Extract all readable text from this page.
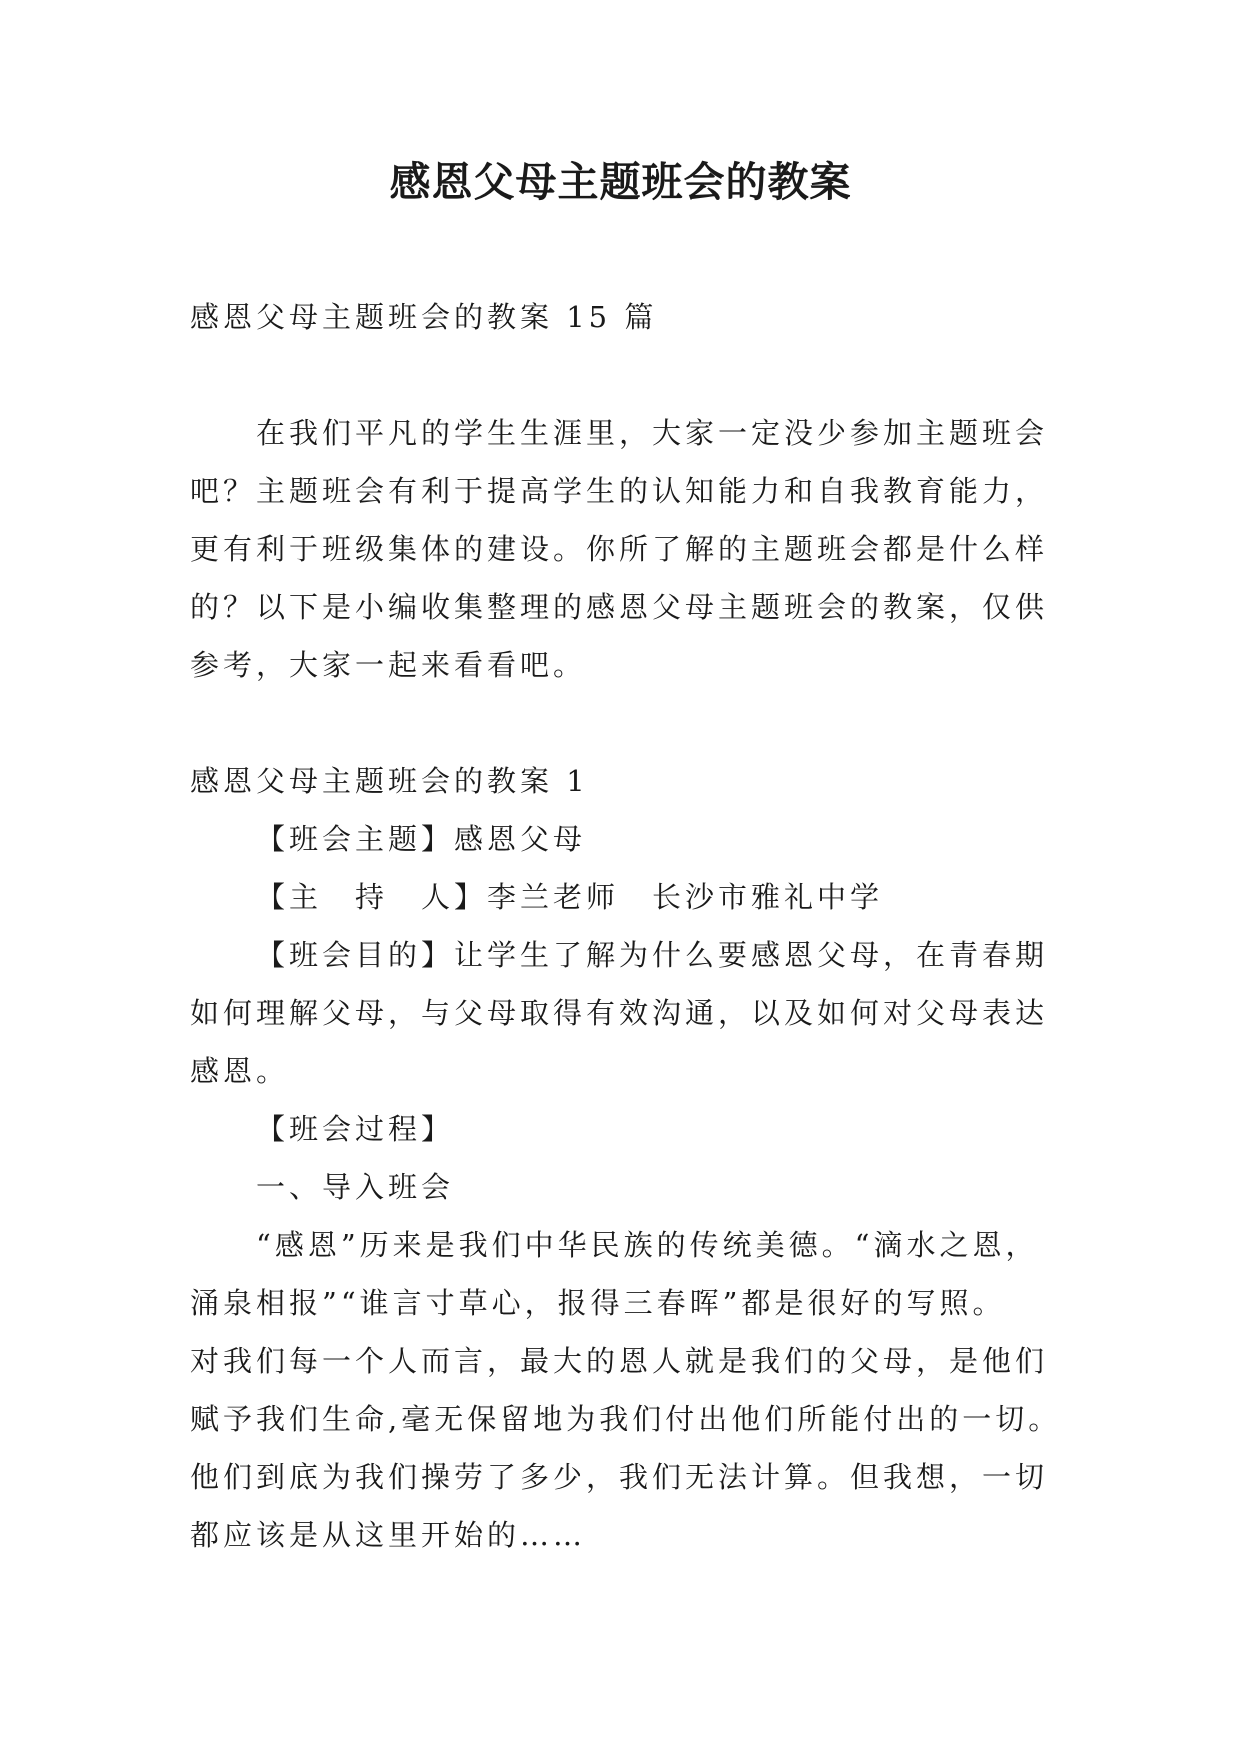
感恩父母主题班会的教案

感恩父母主题班会的教案 15 篇

在我们平凡的学生生涯里，大家一定没少参加主题班会

吧？主题班会有利于提高学生的认知能力和自我教育能力，

更有利于班级集体的建设。你所了解的主题班会都是什么样

的？以下是小编收集整理的感恩父母主题班会的教案，仅供

参考，大家一起来看看吧。

感恩父母主题班会的教案 1

【班会主题】感恩父母

【主　持　人】李兰老师　长沙市雅礼中学

【班会目的】让学生了解为什么要感恩父母，在青春期

如何理解父母，与父母取得有效沟通，以及如何对父母表达

感恩。

【班会过程】

一、导入班会

“感恩”历来是我们中华民族的传统美德。“滴水之恩，

涌泉相报”“谁言寸草心，报得三春晖”都是很好的写照。

对我们每一个人而言，最大的恩人就是我们的父母，是他们

赋予我们生命,毫无保留地为我们付出他们所能付出的一切。

他们到底为我们操劳了多少，我们无法计算。但我想，一切

都应该是从这里开始的……
